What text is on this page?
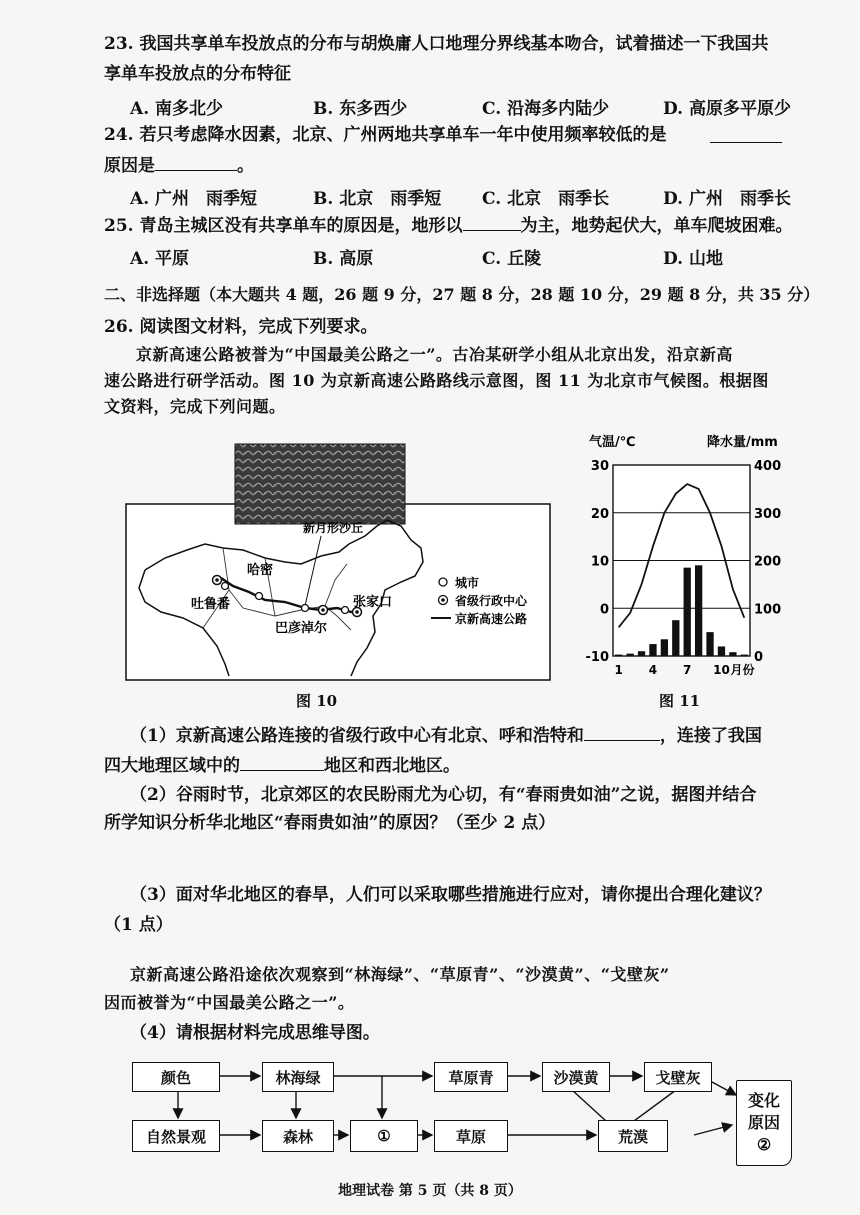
23. 我国共享单车投放点的分布与胡焕庸人口地理分界线基本吻合，试着描述一下我国共
享单车投放点的分布特征
A. 南多北少	B. 东多西少	C. 沿海多内陆少	D. 高原多平原少
24. 若只考虑降水因素，北京、广州两地共享单车一年中使用频率较低的是
原因是	。
A. 广州　雨季短	B. 北京　雨季短 C. 北京　雨季长	D. 广州　雨季长
25. 青岛主城区没有共享单车的原因是，地形以	为主，地势起伏大，单车爬坡困难。
A. 平原	B. 高原	C. 丘陵	D. 山地
二、非选择题（本大题共 4 题，26 题 9 分，27 题 8 分，28 题 10 分，29 题 8 分，共 35 分）
26. 阅读图文材料，完成下列要求。
京新高速公路被誉为“中国最美公路之一”。古冶某研学小组从北京出发，沿京新高
速公路进行研学活动。图 10 为京新高速公路路线示意图，图 11 为北京市气候图。根据图
文资料，完成下列问题。
新月形沙丘
哈密
吐鲁番	张家口
巴彦淖尔
城市
省级行政中心
京新高速公路
图 10
气温/℃	降水量/mm
-10
0
10
20
30
0
100
200
300
400
1 4 7 10 月份
图 11
（1）京新高速公路连接的省级行政中心有北京、呼和浩特和	，连接了我国
四大地理区域中的	地区和西北地区。
（2）谷雨时节，北京郊区的农民盼雨尤为心切，有“春雨贵如油”之说，据图并结合
所学知识分析华北地区“春雨贵如油”的原因？（至少 2 点）
（3）面对华北地区的春旱，人们可以采取哪些措施进行应对，请你提出合理化建议？
（1 点）
京新高速公路沿途依次观察到“林海绿”、“草原青”、“沙漠黄”、“戈壁灰”
因而被誉为“中国最美公路之一”。
（4）请根据材料完成思维导图。
颜色	林海绿	草原青	沙漠黄	戈壁灰
自然景观	森林	①	草原	荒漠
变化
原因
②
地理试卷 第 5 页（共 8 页）
